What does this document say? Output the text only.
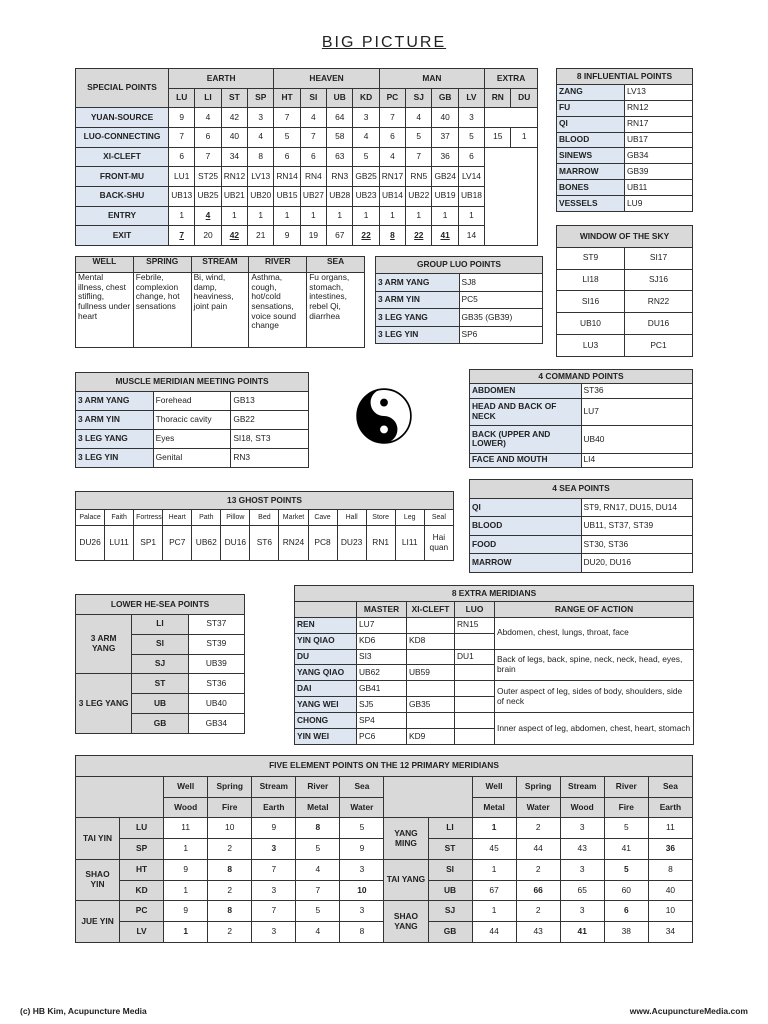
BIG PICTURE
SPECIAL POINTS	EARTH				HEAVEN				MAN				EXTRA	
	LU	LI	ST	SP	HT	SI	UB	KD	PC	SJ	GB	LV	RN	DU
YUAN-SOURCE	9	4	42	3	7	4	64	3	7	4	40	3		
LUO-CONNECTING	7	6	40	4	5	7	58	4	6	5	37	5	15	1
XI-CLEFT	6	7	34	8	6	6	63	5	4	7	36	6		
FRONT-MU	LU1	ST25	RN12	LV13	RN14	RN4	RN3	GB25	RN17	RN5	GB24	LV14		
BACK-SHU	UB13	UB25	UB21	UB20	UB15	UB27	UB28	UB23	UB14	UB22	UB19	UB18		
ENTRY	1	4	1	1	1	1	1	1	1	1	1	1		
EXIT	7	20	42	21	9	19	67	22	8	22	41	14		
8 INFLUENTIAL POINTS	
ZANG	LV13
FU	RN12
QI	RN17
BLOOD	UB17
SINEWS	GB34
MARROW	GB39
BONES	UB11
VESSELS	LU9
WINDOW OF THE SKY	
ST9	SI17
LI18	SJ16
SI16	RN22
UB10	DU16
LU3	PC1
WELL	SPRING	STREAM	RIVER	SEA
Mental illness, chest stifling, fullness under heart	Febrile, complexion change, hot sensations	Bi, wind, damp, heaviness, joint pain	Asthma, cough, hot/cold sensations, voice sound change	Fu organs, stomach, intestines, rebel Qi, diarrhea
GROUP LUO POINTS	
3 ARM YANG	SJ8
3 ARM YIN	PC5
3 LEG YANG	GB35 (GB39)
3 LEG YIN	SP6
MUSCLE MERIDIAN MEETING POINTS		
3 ARM YANG	Forehead	GB13
3 ARM YIN	Thoracic cavity	GB22
3 LEG YANG	Eyes	SI18, ST3
3 LEG YIN	Genital	RN3
4 COMMAND POINTS	
ABDOMEN	ST36
HEAD AND BACK OF NECK	LU7
BACK (UPPER AND LOWER)	UB40
FACE AND MOUTH	LI4
13 GHOST POINTS												
Palace	Faith	Fortress	Heart	Path	Pillow	Bed	Market	Cave	Hall	Store	Leg	Seal
DU26	LU11	SP1	PC7	UB62	DU16	ST6	RN24	PC8	DU23	RN1	LI11	Hai quan
4 SEA POINTS	
QI	ST9, RN17, DU15, DU14
BLOOD	UB11, ST37, ST39
FOOD	ST30, ST36
MARROW	DU20, DU16
LOWER HE-SEA POINTS		
3 ARM YANG	LI	ST37
	SI	ST39
	SJ	UB39
3 LEG YANG	ST	ST36
	UB	UB40
	GB	GB34
8 EXTRA MERIDIANS				
	MASTER	XI-CLEFT	LUO	RANGE OF ACTION
REN	LU7		RN15	Abdomen, chest, lungs, throat, face
YIN QIAO	KD6	KD8		
DU	SI3		DU1	Back of legs, back, spine, neck, neck, head, eyes, brain
YANG QIAO	UB62	UB59		
DAI	GB41			Outer aspect of leg, sides of body, shoulders, side of neck
YANG WEI	SJ5	GB35		
CHONG	SP4			Inner aspect of leg, abdomen, chest, heart, stomach
YIN WEI	PC6	KD9		
FIVE ELEMENT POINTS ON THE 12 PRIMARY MERIDIANS													
		Well	Spring	Stream	River	Sea			Well	Spring	Stream	River	Sea
		Wood	Fire	Earth	Metal	Water			Metal	Water	Wood	Fire	Earth
TAI YIN	LU	11	10	9	8	5	YANG MING	LI	1	2	3	5	11
	SP	1	2	3	5	9		ST	45	44	43	41	36
SHAO YIN	HT	9	8	7	4	3	TAI YANG	SI	1	2	3	5	8
	KD	1	2	3	7	10		UB	67	66	65	60	40
JUE YIN	PC	9	8	7	5	3	SHAO YANG	SJ	1	2	3	6	10
	LV	1	2	3	4	8		GB	44	43	41	38	34
(c) HB Kim, Acupuncture Media	www.AcupunctureMedia.com
